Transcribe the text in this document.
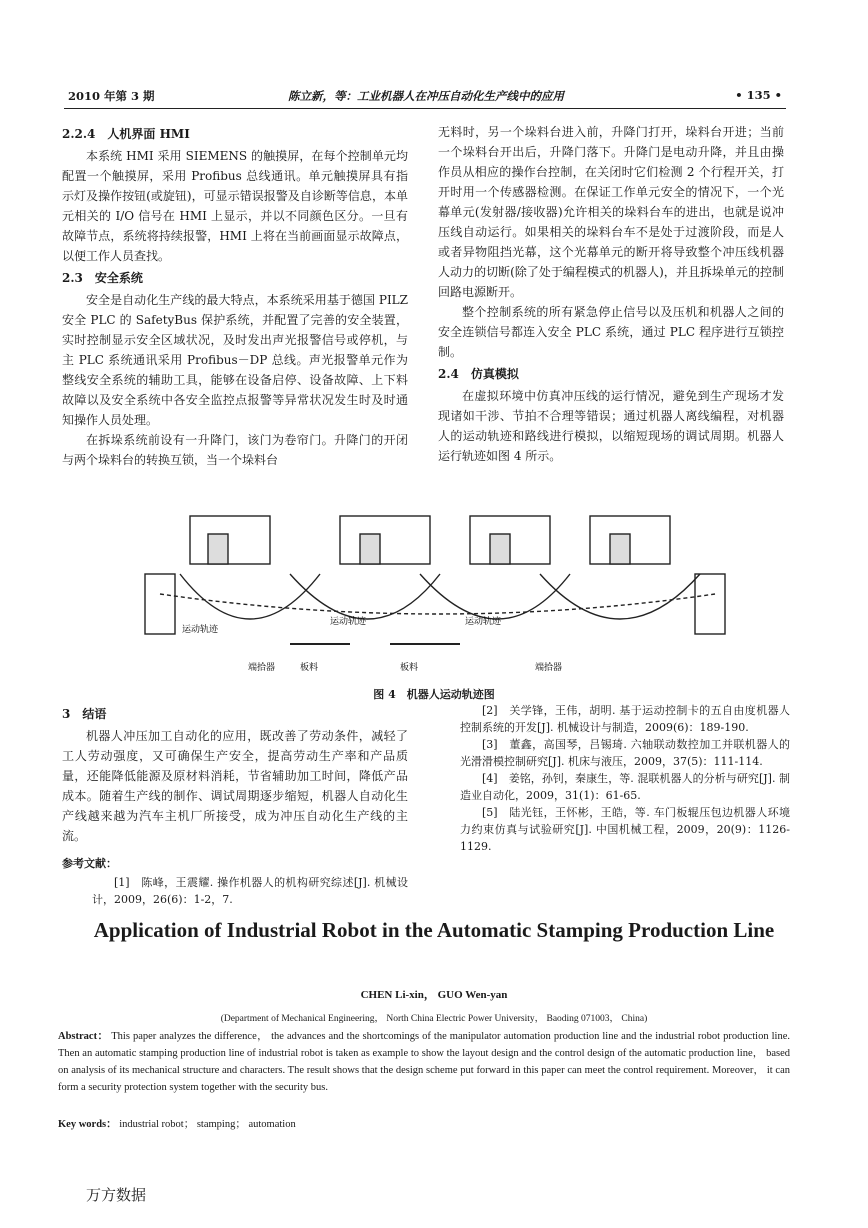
2010 年第 3 期	陈立新，等：工业机器人在冲压自动化生产线中的应用	• 135 •
2.2.4　人机界面 HMI

本系统 HMI 采用 SIEMENS 的触摸屏，在每个控制单元均配置一个触摸屏，采用 Profibus 总线通讯。单元触摸屏具有指示灯及操作按钮(或旋钮)，可显示错误报警及自诊断等信息，本单元相关的 I/O 信号在 HMI 上显示，并以不同颜色区分。一旦有故障节点，系统将持续报警，HMI 上将在当前画面显示故障点，以便工作人员查找。

2.3　安全系统

安全是自动化生产线的最大特点，本系统采用基于德国 PILZ 安全 PLC 的 SafetyBus 保护系统，并配置了完善的安全装置，实时控制显示安全区域状况，及时发出声光报警信号或停机，与主 PLC 系统通讯采用 Profibus－DP 总线。声光报警单元作为整线安全系统的辅助工具，能够在设备启停、设备故障、上下料故障以及安全系统中各安全监控点报警等异常状况发生时及时通知操作人员处理。

在拆垛系统前设有一升降门，该门为卷帘门。升降门的开闭与两个垛料台的转换互锁，当一个垛料台

无料时，另一个垛料台进入前，升降门打开，垛料台开进；当前一个垛料台开出后，升降门落下。升降门是电动升降，并且由操作员从相应的操作台控制，在关闭时它们检测 2 个行程开关，打开时用一个传感器检测。在保证工作单元安全的情况下，一个光幕单元(发射器/接收器)允许相关的垛料台车的进出，也就是说冲压线自动运行。如果相关的垛料台车不是处于过渡阶段，而是人或者异物阻挡光幕，这个光幕单元的断开将导致整个冲压线机器人动力的切断(除了处于编程模式的机器人)，并且拆垛单元的控制回路电源断开。

整个控制系统的所有紧急停止信号以及压机和机器人之间的安全连锁信号都连入安全 PLC 系统，通过 PLC 程序进行互锁控制。

2.4　仿真模拟

在虚拟环境中仿真冲压线的运行情况，避免到生产现场才发现诸如干涉、节拍不合理等错误；通过机器人离线编程，对机器人的运动轨迹和路线进行模拟，以缩短现场的调试周期。机器人运行轨迹如图 4 所示。

运动轨迹
运动轨迹	运动轨迹
端拾器	板料	板料	端拾器
图 4　机器人运动轨迹图
3　结语

机器人冲压加工自动化的应用，既改善了劳动条件，减轻了工人劳动强度，又可确保生产安全，提高劳动生产率和产品质量，还能降低能源及原材料消耗，节省辅助加工时间，降低产品成本。随着生产线的制作、调试周期逐步缩短，机器人自动化生产线越来越为汽车主机厂所接受，成为冲压自动化生产线的主流。

参考文献：

[1]　陈峰，王震耀. 操作机器人的机构研究综述[J]. 机械设计，2009，26(6)：1-2，7.

[2]　关学锋，王伟，胡明. 基于运动控制卡的五自由度机器人控制系统的开发[J]. 机械设计与制造，2009(6)：189-190.

[3]　董鑫，高国琴，吕锡琦. 六轴联动数控加工并联机器人的光滑滑模控制研究[J]. 机床与液压，2009，37(5)：111-114.

[4]　姜铭，孙钊，秦康生，等. 混联机器人的分析与研究[J]. 制造业自动化，2009，31(1)：61-65.

[5]　陆光钰，王怀彬，王皓，等. 车门板辊压包边机器人环境力约束仿真与试验研究[J]. 中国机械工程，2009，20(9)：1126-1129.

Application of Industrial Robot in the Automatic Stamping Production Line
CHEN Li-xin， GUO Wen-yan
(Department of Mechanical Engineering， North China Electric Power University， Baoding 071003， China)
Abstract： This paper analyzes the difference， the advances and the shortcomings of the manipulator automation production line and the industrial robot production line. Then an automatic stamping production line of industrial robot is taken as example to show the layout design and the control design of the automatic production line， based on analysis of its mechanical structure and characters. The result shows that the design scheme put forward in this paper can meet the control requirement. Moreover， it can form a security protection system together with the security bus.
Key words： industrial robot； stamping； automation
万方数据
